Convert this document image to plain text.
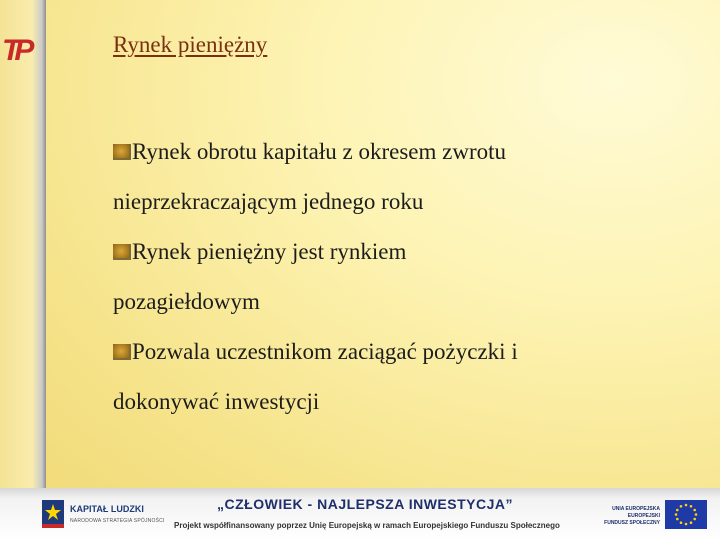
TP	Rynek pieniężny
Rynek obrotu kapitału z okresem zwrotu
nieprzekraczającym jednego roku
Rynek pieniężny jest rynkiem
pozagiełdowym
Pozwala uczestnikom zaciągać pożyczki i
dokonywać inwestycji
KAPITAŁ LUDZKI
NARODOWA STRATEGIA SPÓJNOŚCI
„CZŁOWIEK - NAJLEPSZA INWESTYCJA”
Projekt współfinansowany poprzez Unię Europejską w ramach Europejskiego Funduszu Społecznego
UNIA EUROPEJSKA
EUROPEJSKI
FUNDUSZ SPOŁECZNY
